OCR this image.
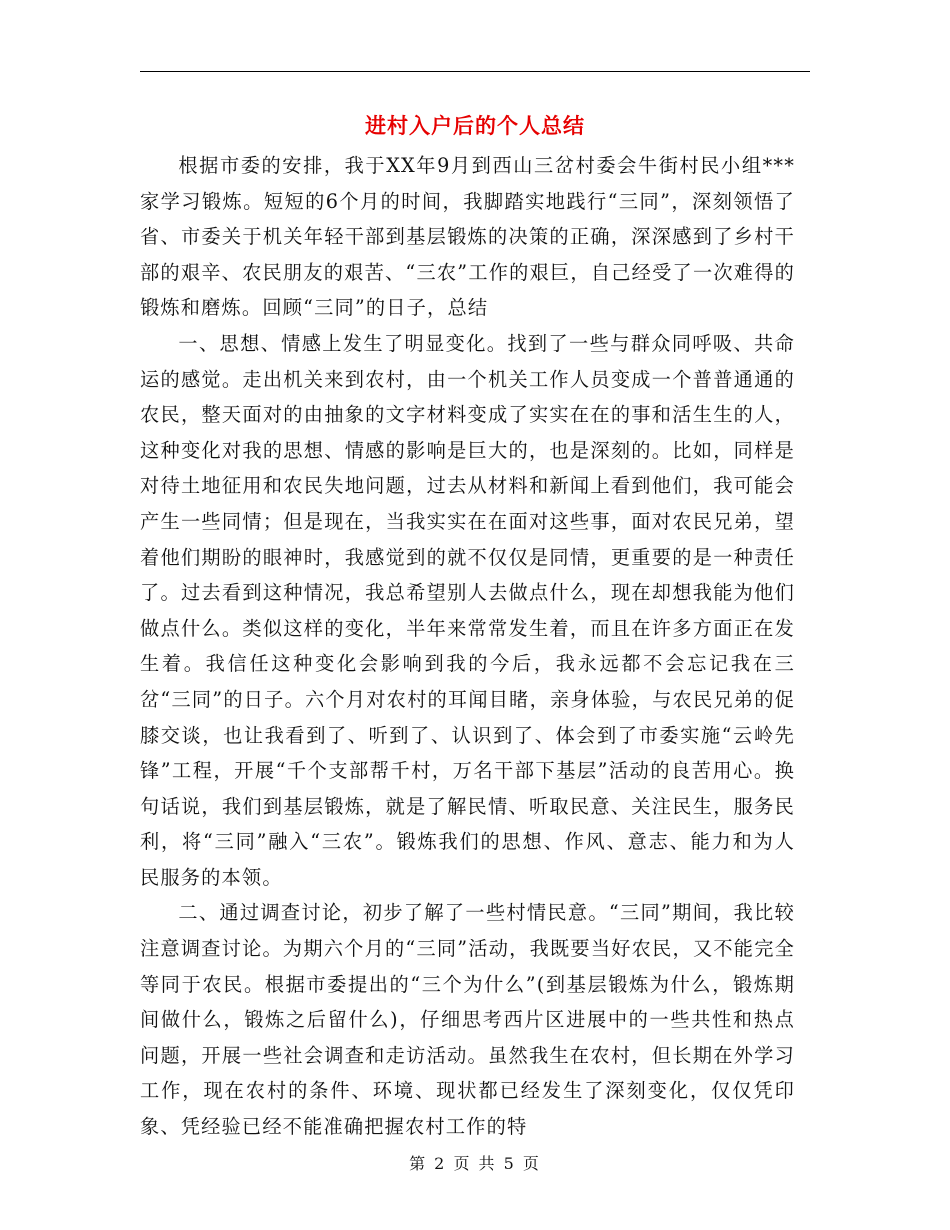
进村入户后的个人总结

根据市委的安排，我于XX年9月到西山三岔村委会牛街村民小组***家学习锻炼。短短的6个月的时间，我脚踏实地践行“三同”，深刻领悟了省、市委关于机关年轻干部到基层锻炼的决策的正确，深深感到了乡村干部的艰辛、农民朋友的艰苦、“三农”工作的艰巨，自己经受了一次难得的锻炼和磨炼。回顾“三同”的日子，总结

一、思想、情感上发生了明显变化。找到了一些与群众同呼吸、共命运的感觉。走出机关来到农村，由一个机关工作人员变成一个普普通通的农民，整天面对的由抽象的文字材料变成了实实在在的事和活生生的人，这种变化对我的思想、情感的影响是巨大的，也是深刻的。比如，同样是对待土地征用和农民失地问题，过去从材料和新闻上看到他们，我可能会产生一些同情；但是现在，当我实实在在面对这些事，面对农民兄弟，望着他们期盼的眼神时，我感觉到的就不仅仅是同情，更重要的是一种责任了。过去看到这种情况，我总希望别人去做点什么，现在却想我能为他们做点什么。类似这样的变化，半年来常常发生着，而且在许多方面正在发生着。我信任这种变化会影响到我的今后，我永远都不会忘记我在三岔“三同”的日子。六个月对农村的耳闻目睹，亲身体验，与农民兄弟的促膝交谈，也让我看到了、听到了、认识到了、体会到了市委实施“云岭先锋”工程，开展“千个支部帮千村，万名干部下基层”活动的良苦用心。换句话说，我们到基层锻炼，就是了解民情、听取民意、关注民生，服务民利，将“三同”融入“三农”。锻炼我们的思想、作风、意志、能力和为人民服务的本领。

二、通过调查讨论，初步了解了一些村情民意。“三同”期间，我比较注意调查讨论。为期六个月的“三同”活动，我既要当好农民，又不能完全等同于农民。根据市委提出的“三个为什么”(到基层锻炼为什么，锻炼期间做什么，锻炼之后留什么)，仔细思考西片区进展中的一些共性和热点问题，开展一些社会调查和走访活动。虽然我生在农村，但长期在外学习工作，现在农村的条件、环境、现状都已经发生了深刻变化，仅仅凭印象、凭经验已经不能准确把握农村工作的特

第 2 页 共 5 页
